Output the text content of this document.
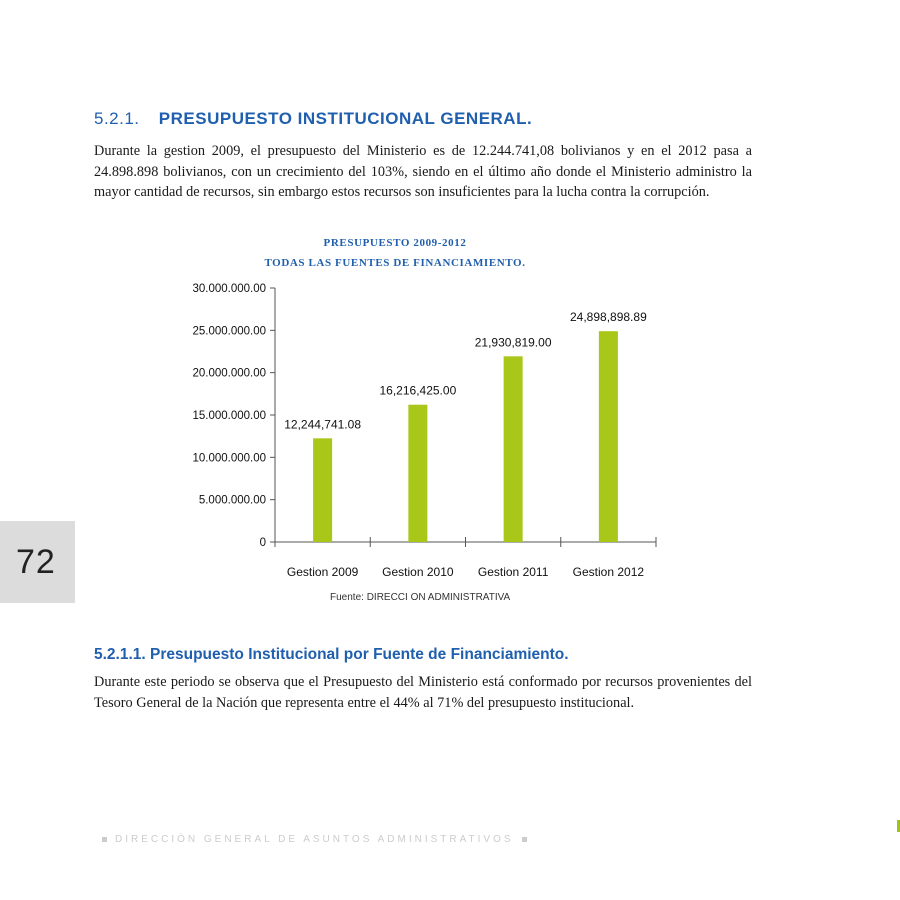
5.2.1. PRESUPUESTO INSTITUCIONAL GENERAL.

Durante la gestion 2009, el presupuesto del Ministerio es de 12.244.741,08 bolivianos y en el 2012 pasa a 24.898.898 bolivianos, con un crecimiento del 103%, siendo en el último año donde el Ministerio administro la mayor cantidad de recursos, sin embargo estos recursos son insuficientes para la lucha contra la corrupción.

PRESUPUESTO 2009-2012
TODAS LAS FUENTES DE FINANCIAMIENTO.
0
5.000.000.00
10.000.000.00
15.000.000.00
20.000.000.00
25.000.000.00
30.000.000.00
12,244,741.08
Gestion 2009
16,216,425.00
Gestion 2010
21,930,819.00
Gestion 2011
24,898,898.89
Gestion 2012
Fuente: DIRECCI ON ADMINISTRATIVA
5.2.1.1. Presupuesto Institucional por Fuente de Financiamiento.

Durante este periodo se observa que el Presupuesto del Ministerio está conformado por recursos provenientes del Tesoro General de la Nación que representa entre el 44% al 71% del presupuesto institucional.

72
DIRECCIÓN GENERAL DE ASUNTOS ADMINISTRATIVOS
